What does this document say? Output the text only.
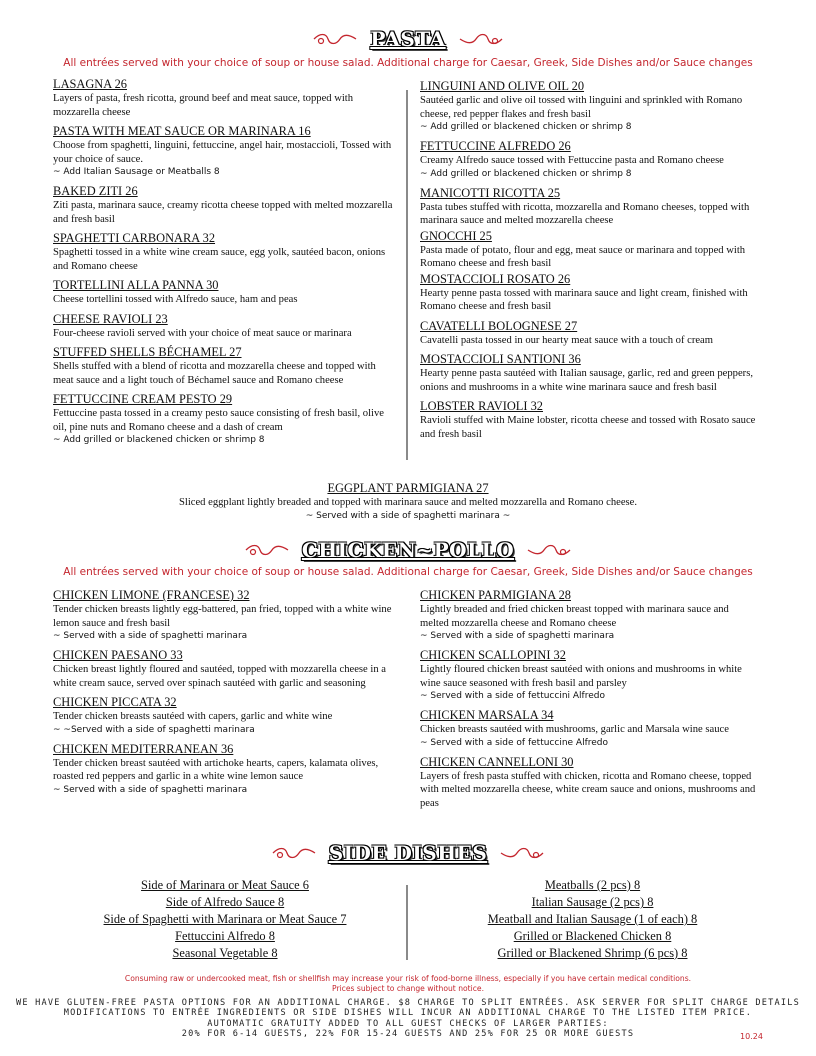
PASTA
All entrées served with your choice of soup or house salad. Additional charge for Caesar, Greek, Side Dishes and/or Sauce changes
LASAGNA 26
Layers of pasta, fresh ricotta, ground beef and meat sauce, topped with mozzarella cheese
PASTA WITH MEAT SAUCE OR MARINARA 16
Choose from spaghetti, linguini, fettuccine, angel hair, mostaccioli, Tossed with your choice of sauce.
~ Add Italian Sausage or Meatballs 8
BAKED ZITI 26
Ziti pasta, marinara sauce, creamy ricotta cheese topped with melted mozzarella and fresh basil
SPAGHETTI CARBONARA 32
Spaghetti tossed in a white wine cream sauce, egg yolk, sautéed bacon, onions and Romano cheese
TORTELLINI ALLA PANNA 30
Cheese tortellini tossed with Alfredo sauce, ham and peas
CHEESE RAVIOLI 23
Four-cheese ravioli served with your choice of meat sauce or marinara
STUFFED SHELLS BÉCHAMEL 27
Shells stuffed with a blend of ricotta and mozzarella cheese and topped with meat sauce and a light touch of Béchamel sauce and Romano cheese
FETTUCCINE CREAM PESTO 29
Fettuccine pasta tossed in a creamy pesto sauce consisting of fresh basil, olive oil, pine nuts and Romano cheese and a dash of cream
~ Add grilled or blackened chicken or shrimp 8
LINGUINI AND OLIVE OIL 20
Sautéed garlic and olive oil tossed with linguini and sprinkled with Romano cheese, red pepper flakes and fresh basil
~ Add grilled or blackened chicken or shrimp 8
FETTUCCINE ALFREDO 26
Creamy Alfredo sauce tossed with Fettuccine pasta and Romano cheese
~ Add grilled or blackened chicken or shrimp 8
MANICOTTI RICOTTA 25
Pasta tubes stuffed with ricotta, mozzarella and Romano cheeses, topped with marinara sauce and melted mozzarella cheese
GNOCCHI 25
Pasta made of potato, flour and egg, meat sauce or marinara and topped with Romano cheese and fresh basil
MOSTACCIOLI ROSATO 26
Hearty penne pasta tossed with marinara sauce and light cream, finished with Romano cheese and fresh basil
CAVATELLI BOLOGNESE 27
Cavatelli pasta tossed in our hearty meat sauce with a touch of cream
MOSTACCIOLI SANTIONI 36
Hearty penne pasta sautéed with Italian sausage, garlic, red and green peppers, onions and mushrooms in a white wine marinara sauce and fresh basil
LOBSTER RAVIOLI 32
Ravioli stuffed with Maine lobster, ricotta cheese and tossed with Rosato sauce and fresh basil
EGGPLANT PARMIGIANA 27
Sliced eggplant lightly breaded and topped with marinara sauce and melted mozzarella and Romano cheese.
~ Served with a side of spaghetti marinara ~
CHICKEN~POLLO
All entrées served with your choice of soup or house salad. Additional charge for Caesar, Greek, Side Dishes and/or Sauce changes
CHICKEN LIMONE (FRANCESE) 32
Tender chicken breasts lightly egg-battered, pan fried, topped with a white wine lemon sauce and fresh basil
~ Served with a side of spaghetti marinara
CHICKEN PAESANO 33
Chicken breast lightly floured and sautéed, topped with mozzarella cheese in a white cream sauce, served over spinach sautéed with garlic and seasoning
CHICKEN PICCATA 32
Tender chicken breasts sautéed with capers, garlic and white wine
~ ~Served with a side of spaghetti marinara
CHICKEN MEDITERRANEAN 36
Tender chicken breast sautéed with artichoke hearts, capers, kalamata olives, roasted red peppers and garlic in a white wine lemon sauce
~ Served with a side of spaghetti marinara
CHICKEN PARMIGIANA 28
Lightly breaded and fried chicken breast topped with marinara sauce and melted mozzarella cheese and Romano cheese
~ Served with a side of spaghetti marinara
CHICKEN SCALLOPINI 32
Lightly floured chicken breast sautéed with onions and mushrooms in white wine sauce seasoned with fresh basil and parsley
~ Served with a side of fettuccini Alfredo
CHICKEN MARSALA 34
Chicken breasts sautéed with mushrooms, garlic and Marsala wine sauce
~ Served with a side of fettuccine Alfredo
CHICKEN CANNELLONI 30
Layers of fresh pasta stuffed with chicken, ricotta and Romano cheese, topped with melted mozzarella cheese, white cream sauce and onions, mushrooms and peas
SIDE DISHES
Side of Marinara or Meat Sauce 6
Side of Alfredo Sauce 8
Side of Spaghetti with Marinara or Meat Sauce 7
Fettuccini Alfredo 8
Seasonal Vegetable 8
Meatballs (2 pcs) 8
Italian Sausage (2 pcs) 8
Meatball and Italian Sausage (1 of each) 8
Grilled or Blackened Chicken 8
Grilled or Blackened Shrimp (6 pcs) 8
Consuming raw or undercooked meat, fish or shellfish may increase your risk of food-borne illness, especially if you have certain medical conditions.
Prices subject to change without notice.
WE HAVE GLUTEN-FREE PASTA OPTIONS FOR AN ADDITIONAL CHARGE. $8 CHARGE TO SPLIT ENTRÉES. ASK SERVER FOR SPLIT CHARGE DETAILS
MODIFICATIONS TO ENTRÉE INGREDIENTS OR SIDE DISHES WILL INCUR AN ADDITIONAL CHARGE TO THE LISTED ITEM PRICE.
AUTOMATIC GRATUITY ADDED TO ALL GUEST CHECKS OF LARGER PARTIES:
20% FOR 6-14 GUESTS, 22% FOR 15-24 GUESTS AND 25% FOR 25 OR MORE GUESTS	10.24
